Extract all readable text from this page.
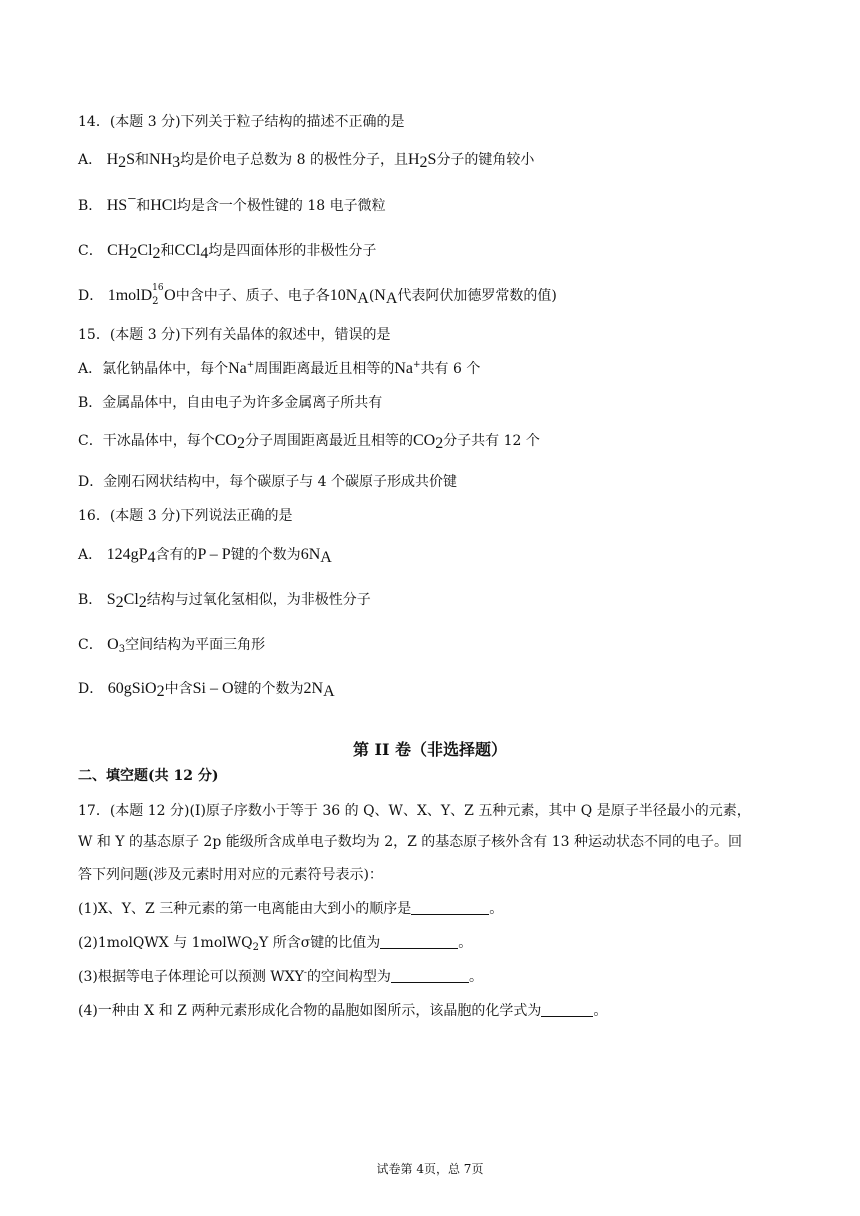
14．(本题 3 分)下列关于粒子结构的描述不正确的是
A． $H_2S$和$NH_3$均是价电子总数为 8 的极性分子，且$H_2S$分子的键角较小
B． HS−和HCl均是含一个极性键的 18 电子微粒
C． $CH_2Cl_2$和CCl$_4$均是四面体形的非极性分子
D． 1molD 16
2 O中含中子、质子、电子各$10N_A(N_A$代表阿伏加德罗常数的值)
15．(本题 3 分)下列有关晶体的叙述中，错误的是
A．氯化钠晶体中，每个Na+周围距离最近且相等的Na+共有 6 个
B．金属晶体中，自由电子为许多金属离子所共有
C．干冰晶体中，每个$CO_2$分子周围距离最近且相等的$CO_2$分子共有 12 个
D．金刚石网状结构中，每个碳原子与 4 个碳原子形成共价键
16．(本题 3 分)下列说法正确的是
A． $124gP_4$含有的P – P键的个数为$6N_A$
B． $S_2Cl_2$结构与过氧化氢相似，为非极性分子
C． $O_3$空间结构为平面三角形
D． 60gSiO$_2$中含Si – O键的个数为$2N_A$
第 II 卷（非选择题）
二、填空题(共 12 分)
17．(本题 12 分)(I)原子序数小于等于 36 的 Q、W、X、Y、Z 五种元素，其中 Q 是原子半径最小的元素，
W 和 Y 的基态原子 2p 能级所含成单电子数均为 2，Z 的基态原子核外含有 13 种运动状态不同的电子。回
答下列问题(涉及元素时用对应的元素符号表示)：
(1)X、Y、Z 三种元素的第一电离能由大到小的顺序是	。
(2)1molQWX 与 1molWQ$_2$Y 所含σ键的比值为	。
(3)根据等电子体理论可以预测 WXY-的空间构型为	。
(4)一种由 X 和 Z 两种元素形成化合物的晶胞如图所示，该晶胞的化学式为	。
试卷第 4页，总 7页
